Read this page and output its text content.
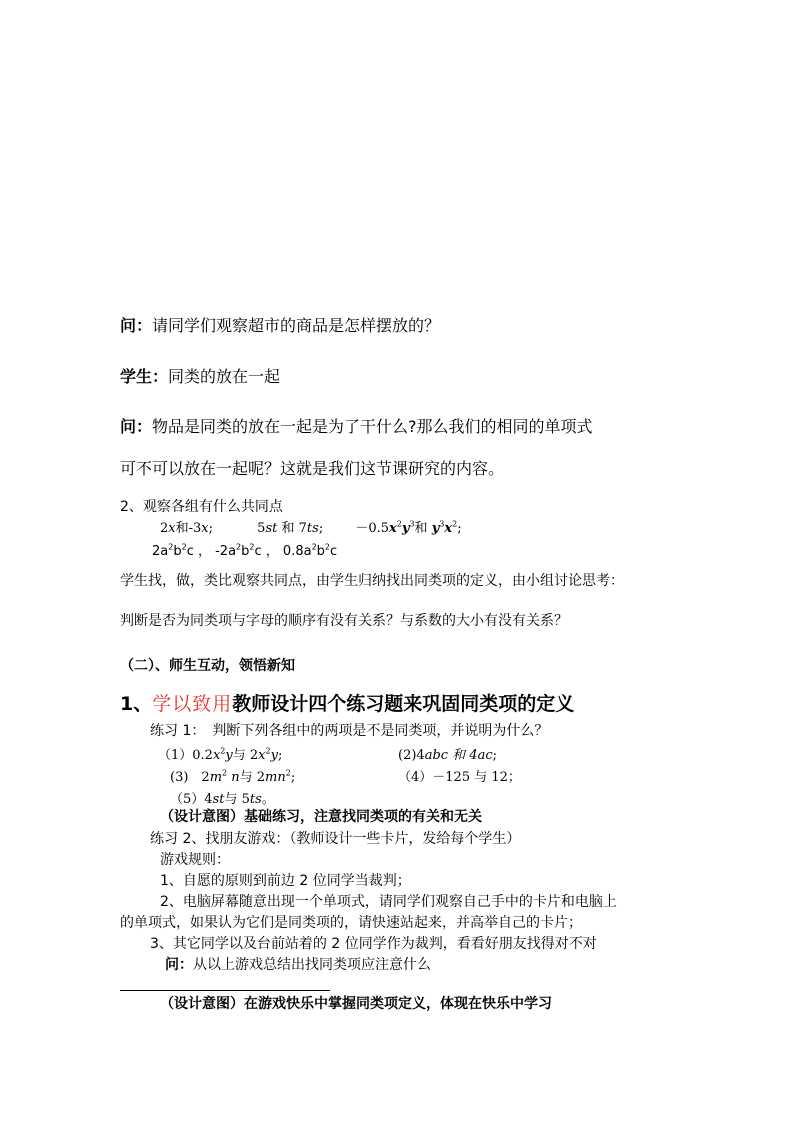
问：请同学们观察超市的商品是怎样摆放的？
学生：同类的放在一起
问：物品是同类的放在一起是为了干什么?那么我们的相同的单项式
可不可以放在一起呢？这就是我们这节课研究的内容。
2、观察各组有什么共同点
2x和-3x;	5st 和 7ts; $-0.5x^2y^3$和 $y^3x^2$;
$2a^2b^2c$ ， $-2a^2b^2c$ ， $0.8a^2b^2c$
学生找，做，类比观察共同点，由学生归纳找出同类项的定义，由小组讨论思考：
判断是否为同类项与字母的顺序有没有关系？与系数的大小有没有关系？
（二）、师生互动，领悟新知
1、学以致用教师设计四个练习题来巩固同类项的定义
练习 1：　判断下列各组中的两项是不是同类项，并说明为什么？
$(1)0.2x^2y$与 $2x^2y$;	(2)4abc 和 4ac;
(3)　$2m^2$ n与 $2mn^2$;	（4）－125 与 12；
（5）4st与 5ts。
（设计意图）基础练习，注意找同类项的有关和无关
练习 2、找朋友游戏：（教师设计一些卡片，发给每个学生）
游戏规则：
1、自愿的原则到前边 2 位同学当裁判；
2、电脑屏幕随意出现一个单项式，请同学们观察自己手中的卡片和电脑上
的单项式，如果认为它们是同类项的，请快速站起来，并高举自己的卡片；
3、其它同学以及台前站着的 2 位同学作为裁判，看看好朋友找得对不对
问：从以上游戏总结出找同类项应注意什么
（设计意图）在游戏快乐中掌握同类项定义，体现在快乐中学习
